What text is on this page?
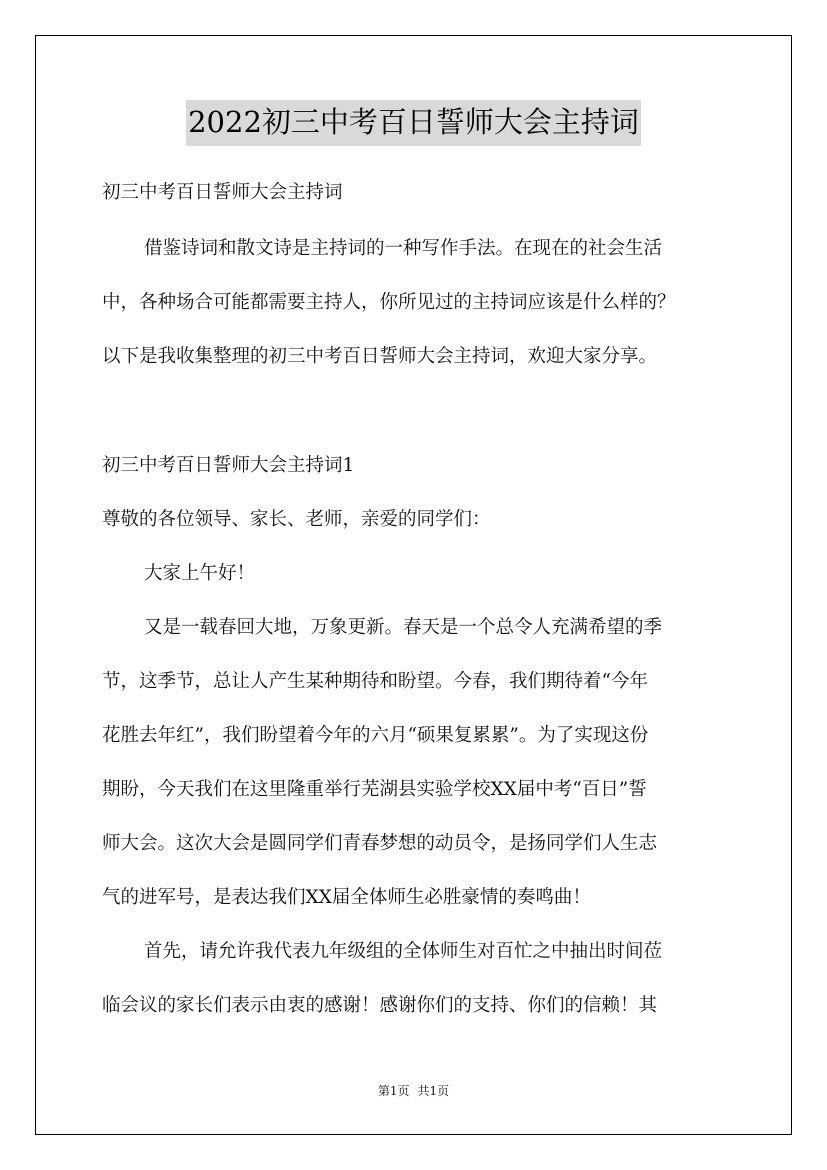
2022初三中考百日誓师大会主持词
初三中考百日誓师大会主持词
借鉴诗词和散文诗是主持词的一种写作手法。在现在的社会生活
中，各种场合可能都需要主持人，你所见过的主持词应该是什么样的？
以下是我收集整理的初三中考百日誓师大会主持词，欢迎大家分享。
初三中考百日誓师大会主持词1
尊敬的各位领导、家长、老师，亲爱的同学们：
大家上午好！
又是一载春回大地，万象更新。春天是一个总令人充满希望的季
节，这季节，总让人产生某种期待和盼望。今春，我们期待着“今年
花胜去年红”，我们盼望着今年的六月“硕果复累累”。为了实现这份
期盼，今天我们在这里隆重举行芜湖县实验学校XX届中考“百日”誓
师大会。这次大会是圆同学们青春梦想的动员令，是扬同学们人生志
气的进军号，是表达我们XX届全体师生必胜豪情的奏鸣曲！
首先，请允许我代表九年级组的全体师生对百忙之中抽出时间莅
临会议的家长们表示由衷的感谢！感谢你们的支持、你们的信赖！其
第1页 共1页
